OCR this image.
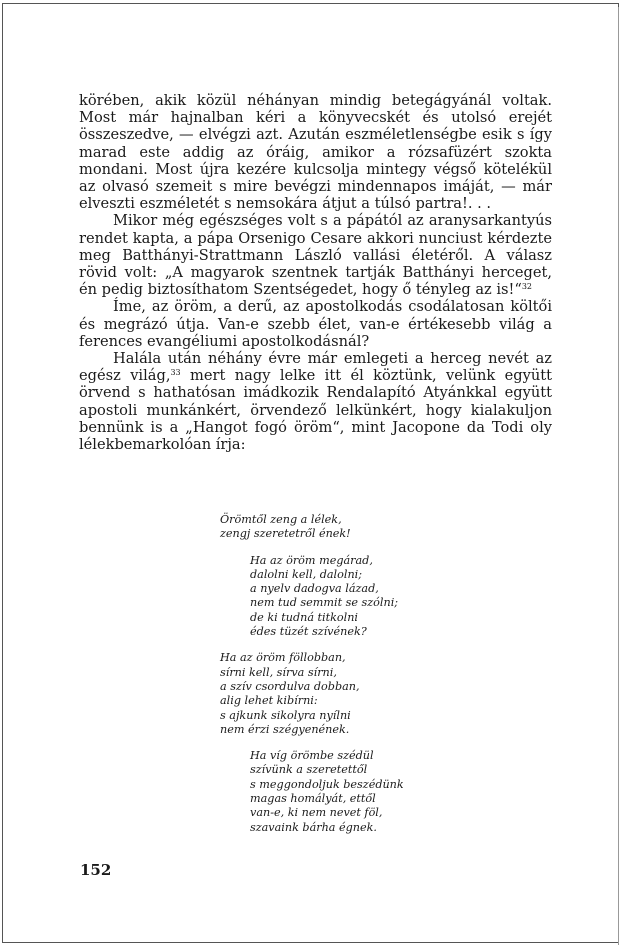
körében, akik közül néhányan mindig betegágyánál voltak. Most már hajnalban kéri a könyvecskét és utolsó erejét összeszedve, — elvégzi azt. Azután eszméletlenségbe esik s így marad este addig az óráig, amikor a rózsafüzért szokta mondani. Most újra kezére kulcsolja mintegy végső kötelékül az olvasó szemeit s mire bevégzi mindennapos imáját, — már elveszti eszméletét s nemsokára átjut a túlsó partra!. . .

Mikor még egészséges volt s a pápától az aranysarkantyús rendet kapta, a pápa Orsenigo Cesare akkori nunciust kérdezte meg Batthányi-Strattmann László vallási életéről. A válasz rövid volt: „A magyarok szentnek tartják Batthányi herceget, én pedig biztosíthatom Szentségedet, hogy ő tényleg az is!“$^{32}$

Íme, az öröm, a derű, az apostolkodás csodálatosan költői és megrázó útja. Van-e szebb élet, van-e értékesebb világ a ferences evangéliumi apostolkodásnál?

Halála után néhány évre már emlegeti a herceg nevét az egész világ,$^{33}$ mert nagy lelke itt él köztünk, velünk együtt örvend s hathatósan imádkozik Rendalapító Atyánkkal együtt apostoli munkánkért, örvendező lelkünkért, hogy kialakuljon bennünk is a „Hangot fogó öröm“, mint Jacopone da Todi oly lélekbemarkolóan írja:

Örömtől zeng a lélek,
zengj szeretetről ének!
Ha az öröm megárad,
dalolni kell, dalolni;
a nyelv dadogva lázad,
nem tud semmit se szólni;
de ki tudná titkolni
édes tüzét szívének?
Ha az öröm föllobban,
sírni kell, sírva sírni,
a szív csordulva dobban,
alig lehet kibírni:
s ajkunk sikolyra nyílni
nem érzi szégyenének.
Ha víg örömbe szédül
szívünk a szeretettől
s meggondoljuk beszédünk
magas homályát, ettől
van-e, ki nem nevet föl,
szavaink bárha égnek.
152
